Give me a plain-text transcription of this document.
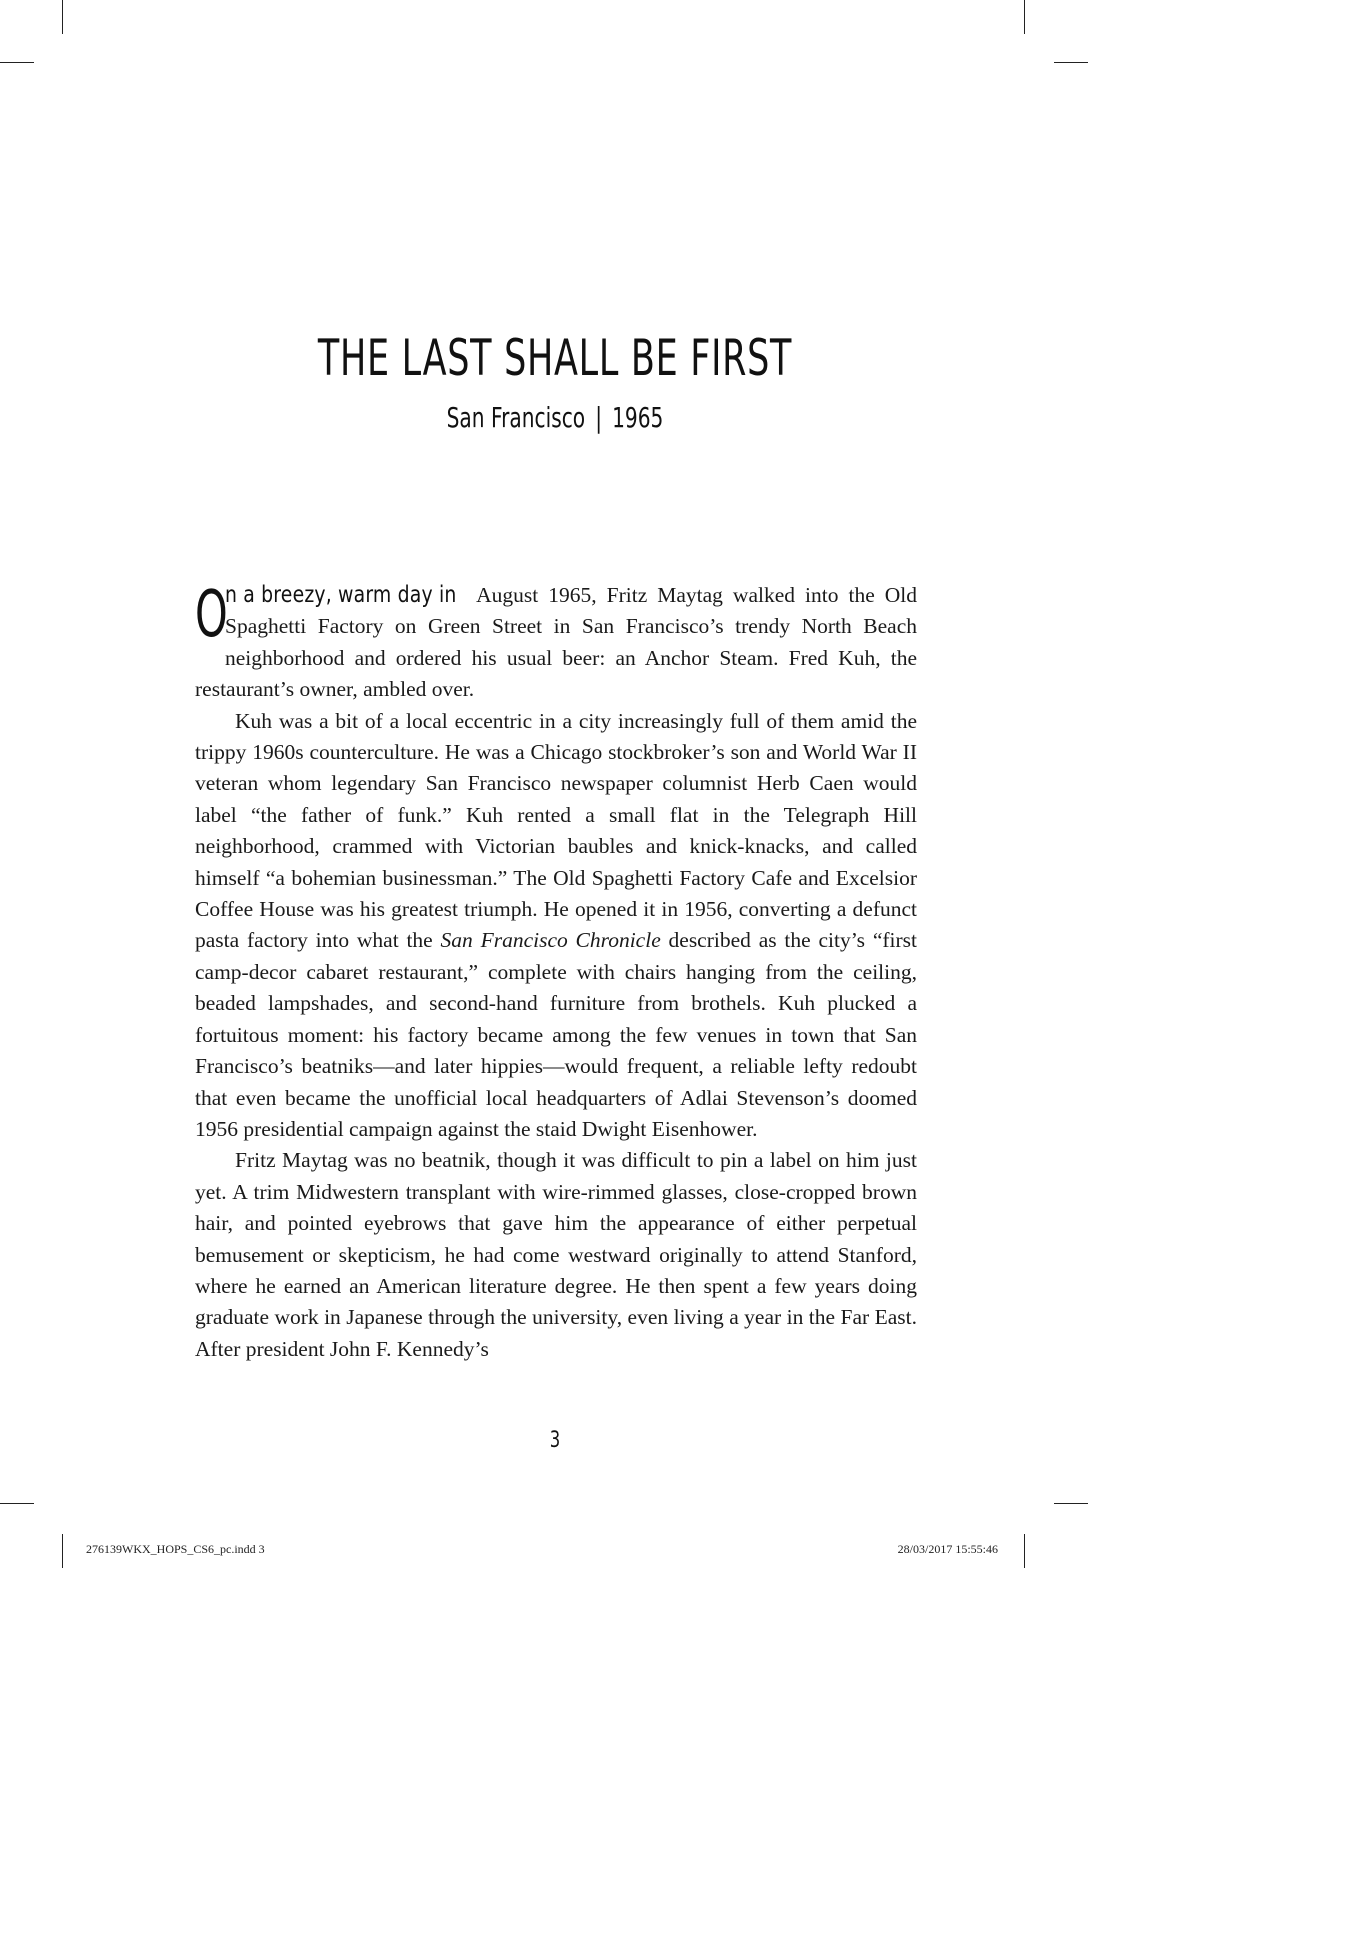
THE LAST SHALL BE FIRST
San Francisco | 1965

O
n a breezy, warm day in August 1965, Fritz Maytag walked into the Old Spaghetti Factory on Green Street in San Francisco’s trendy North Beach neighborhood and ordered his usual beer: an Anchor Steam. Fred Kuh, the restaurant’s owner, ambled over.

Kuh was a bit of a local eccentric in a city increasingly full of them amid the trippy 1960s counterculture. He was a Chicago stockbroker’s son and World War II veteran whom legendary San Francisco newspaper columnist Herb Caen would label “the father of funk.” Kuh rented a small flat in the Telegraph Hill neighborhood, crammed with Victorian baubles and knick-knacks, and called himself “a bohemian businessman.” The Old Spaghetti Factory Cafe and Excelsior Coffee House was his greatest triumph. He opened it in 1956, converting a defunct pasta factory into what the San Francisco Chronicle described as the city’s “first camp-decor cabaret restaurant,” complete with chairs hanging from the ceiling, beaded lampshades, and second-hand furniture from brothels. Kuh plucked a fortuitous moment: his factory became among the few venues in town that San Francisco’s beatniks—and later hippies—would frequent, a reliable lefty redoubt that even became the unofficial local headquarters of Adlai Stevenson’s doomed 1956 presidential campaign against the staid Dwight Eisenhower.

Fritz Maytag was no beatnik, though it was difficult to pin a label on him just yet. A trim Midwestern transplant with wire-rimmed glasses, close-cropped brown hair, and pointed eyebrows that gave him the appearance of either perpetual bemusement or skepticism, he had come westward originally to attend Stanford, where he earned an American literature degree. He then spent a few years doing graduate work in Japanese through the university, even living a year in the Far East. After president John F. Kennedy’s

3
276139WKX_HOPS_CS6_pc.indd 3	28/03/2017 15:55:46
